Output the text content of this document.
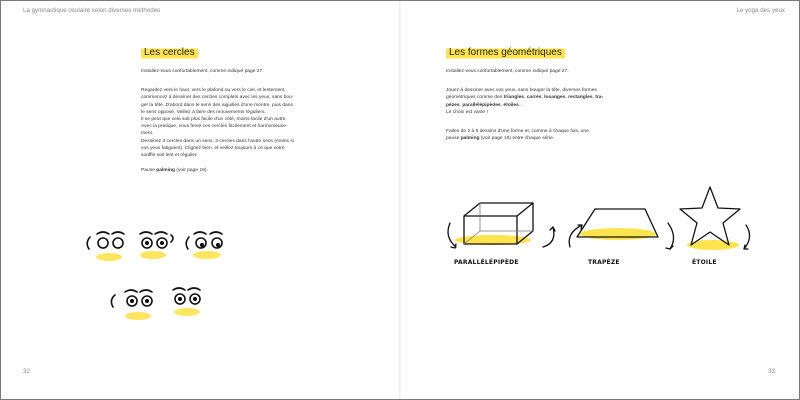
La gymnastique oculaire selon diverses méthodes
Les cercles

Installez-vous confortablement, comme indiqué page 27.

Regardez vers le haut, vers le plafond ou vers le ciel, et lentement,

commencez à dessiner des cercles complets avec les yeux, sans bou-

ger la tête. D'abord dans le sens des aiguilles d'une montre, puis dans

le sens opposé. Veillez à faire des mouvements réguliers.

Il se peut que cela soit plus facile d'un côté, moins facile d'un autre.

Avec la pratique, vous ferez ces cercles facilement et harmonieuse-

ment.

Dessinez 3 cercles dans un sens, 3 cercles dans l'autre sens (moins si

vos yeux fatiguent). Clignez bien, et veillez toujours à ce que votre

souffle soit lent et régulier.

Pause palming (voir page 19).

32
Le yoga des yeux
Les formes géométriques

Installez-vous confortablement, comme indiqué page 27.

Jouez à dessiner avec vos yeux, sans bouger la tête, diverses formes

géométriques comme des triangles, carrés, losanges, rectangles, tra-

pèzes, parallélépipèdes, étoiles…

Le choix est vaste !

Faites de 2 à 5 dessins d'une forme et, comme à chaque fois, une

pause palming (voir page 19) entre chaque série.

PARALLÉLÉPIPÈDE	TRAPÈZE	ÉTOILE
33
